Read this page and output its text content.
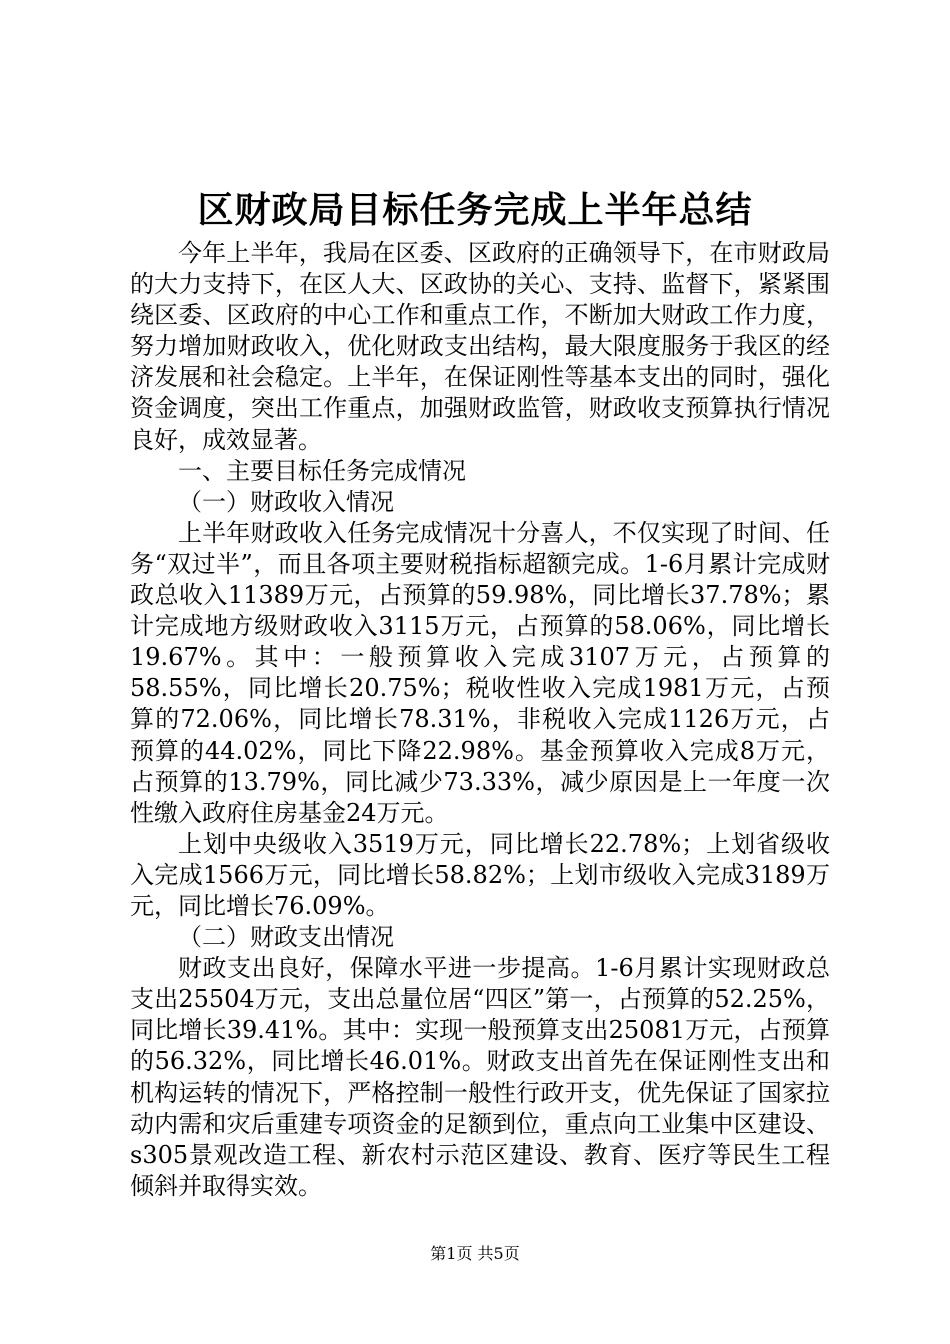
区财政局目标任务完成上半年总结

今年上半年，我局在区委、区政府的正确领导下，在市财政局的大力支持下，在区人大、区政协的关心、支持、监督下，紧紧围绕区委、区政府的中心工作和重点工作，不断加大财政工作力度，努力增加财政收入，优化财政支出结构，最大限度服务于我区的经济发展和社会稳定。上半年，在保证刚性等基本支出的同时，强化资金调度，突出工作重点，加强财政监管，财政收支预算执行情况良好，成效显著。

一、主要目标任务完成情况

（一）财政收入情况

上半年财政收入任务完成情况十分喜人，不仅实现了时间、任务“双过半”，而且各项主要财税指标超额完成。1-6月累计完成财政总收入11389万元，占预算的59.98%，同比增长37.78%；累计完成地方级财政收入3115万元，占预算的58.06%，同比增长19.67%。其中：一般预算收入完成3107万元，占预算的58.55%，同比增长20.75%；税收性收入完成1981万元，占预算的72.06%，同比增长78.31%，非税收入完成1126万元，占预算的44.02%，同比下降22.98%。基金预算收入完成8万元，占预算的13.79%，同比减少73.33%，减少原因是上一年度一次性缴入政府住房基金24万元。

上划中央级收入3519万元，同比增长22.78%；上划省级收入完成1566万元，同比增长58.82%；上划市级收入完成3189万元，同比增长76.09%。

（二）财政支出情况

财政支出良好，保障水平进一步提高。1-6月累计实现财政总支出25504万元，支出总量位居“四区”第一，占预算的52.25%，同比增长39.41%。其中：实现一般预算支出25081万元，占预算的56.32%，同比增长46.01%。财政支出首先在保证刚性支出和机构运转的情况下，严格控制一般性行政开支，优先保证了国家拉动内需和灾后重建专项资金的足额到位，重点向工业集中区建设、s305景观改造工程、新农村示范区建设、教育、医疗等民生工程倾斜并取得实效。

第1页 共5页
